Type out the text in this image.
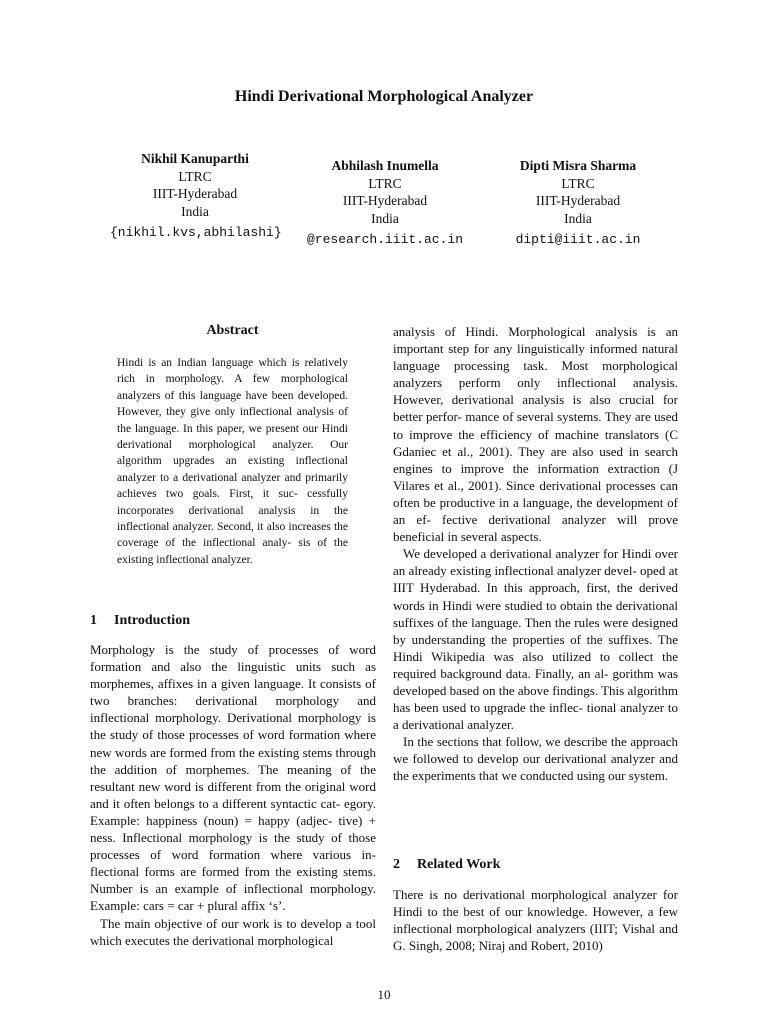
Hindi Derivational Morphological Analyzer
Nikhil Kanuparthi
LTRC
IIIT-Hyderabad
India
{nikhil.kvs,abhilashi}
Abhilash Inumella
LTRC
IIIT-Hyderabad
India
@research.iiit.ac.in
Dipti Misra Sharma
LTRC
IIIT-Hyderabad
India
dipti@iiit.ac.in
Abstract
Hindi is an Indian language which is relatively rich in morphology. A few morphological analyzers of this language have been developed. However, they give only inflectional analysis of the language. In this paper, we present our Hindi derivational morphological analyzer. Our algorithm upgrades an existing inflectional analyzer to a derivational analyzer and primarily achieves two goals. First, it suc- cessfully incorporates derivational analysis in the inflectional analyzer. Second, it also increases the coverage of the inflectional analy- sis of the existing inflectional analyzer.
1 Introduction

Morphology is the study of processes of word formation and also the linguistic units such as morphemes, affixes in a given language. It consists of two branches: derivational morphology and inflectional morphology. Derivational morphology is the study of those processes of word formation where new words are formed from the existing stems through the addition of morphemes. The meaning of the resultant new word is different from the original word and it often belongs to a different syntactic cat- egory. Example: happiness (noun) = happy (adjec- tive) + ness. Inflectional morphology is the study of those processes of word formation where various in- flectional forms are formed from the existing stems. Number is an example of inflectional morphology. Example: cars = car + plural affix ‘s’.

The main objective of our work is to develop a tool which executes the derivational morphological

analysis of Hindi. Morphological analysis is an important step for any linguistically informed natural language processing task. Most morphological analyzers perform only inflectional analysis. However, derivational analysis is also crucial for better perfor- mance of several systems. They are used to improve the efficiency of machine translators (C Gdaniec et al., 2001). They are also used in search engines to improve the information extraction (J Vilares et al., 2001). Since derivational processes can often be productive in a language, the development of an ef- fective derivational analyzer will prove beneficial in several aspects.

We developed a derivational analyzer for Hindi over an already existing inflectional analyzer devel- oped at IIIT Hyderabad. In this approach, first, the derived words in Hindi were studied to obtain the derivational suffixes of the language. Then the rules were designed by understanding the properties of the suffixes. The Hindi Wikipedia was also utilized to collect the required background data. Finally, an al- gorithm was developed based on the above findings. This algorithm has been used to upgrade the inflec- tional analyzer to a derivational analyzer.

In the sections that follow, we describe the approach we followed to develop our derivational analyzer and the experiments that we conducted using our system.

2 Related Work

There is no derivational morphological analyzer for Hindi to the best of our knowledge. However, a few inflectional morphological analyzers (IIIT; Vishal and G. Singh, 2008; Niraj and Robert, 2010)

10
